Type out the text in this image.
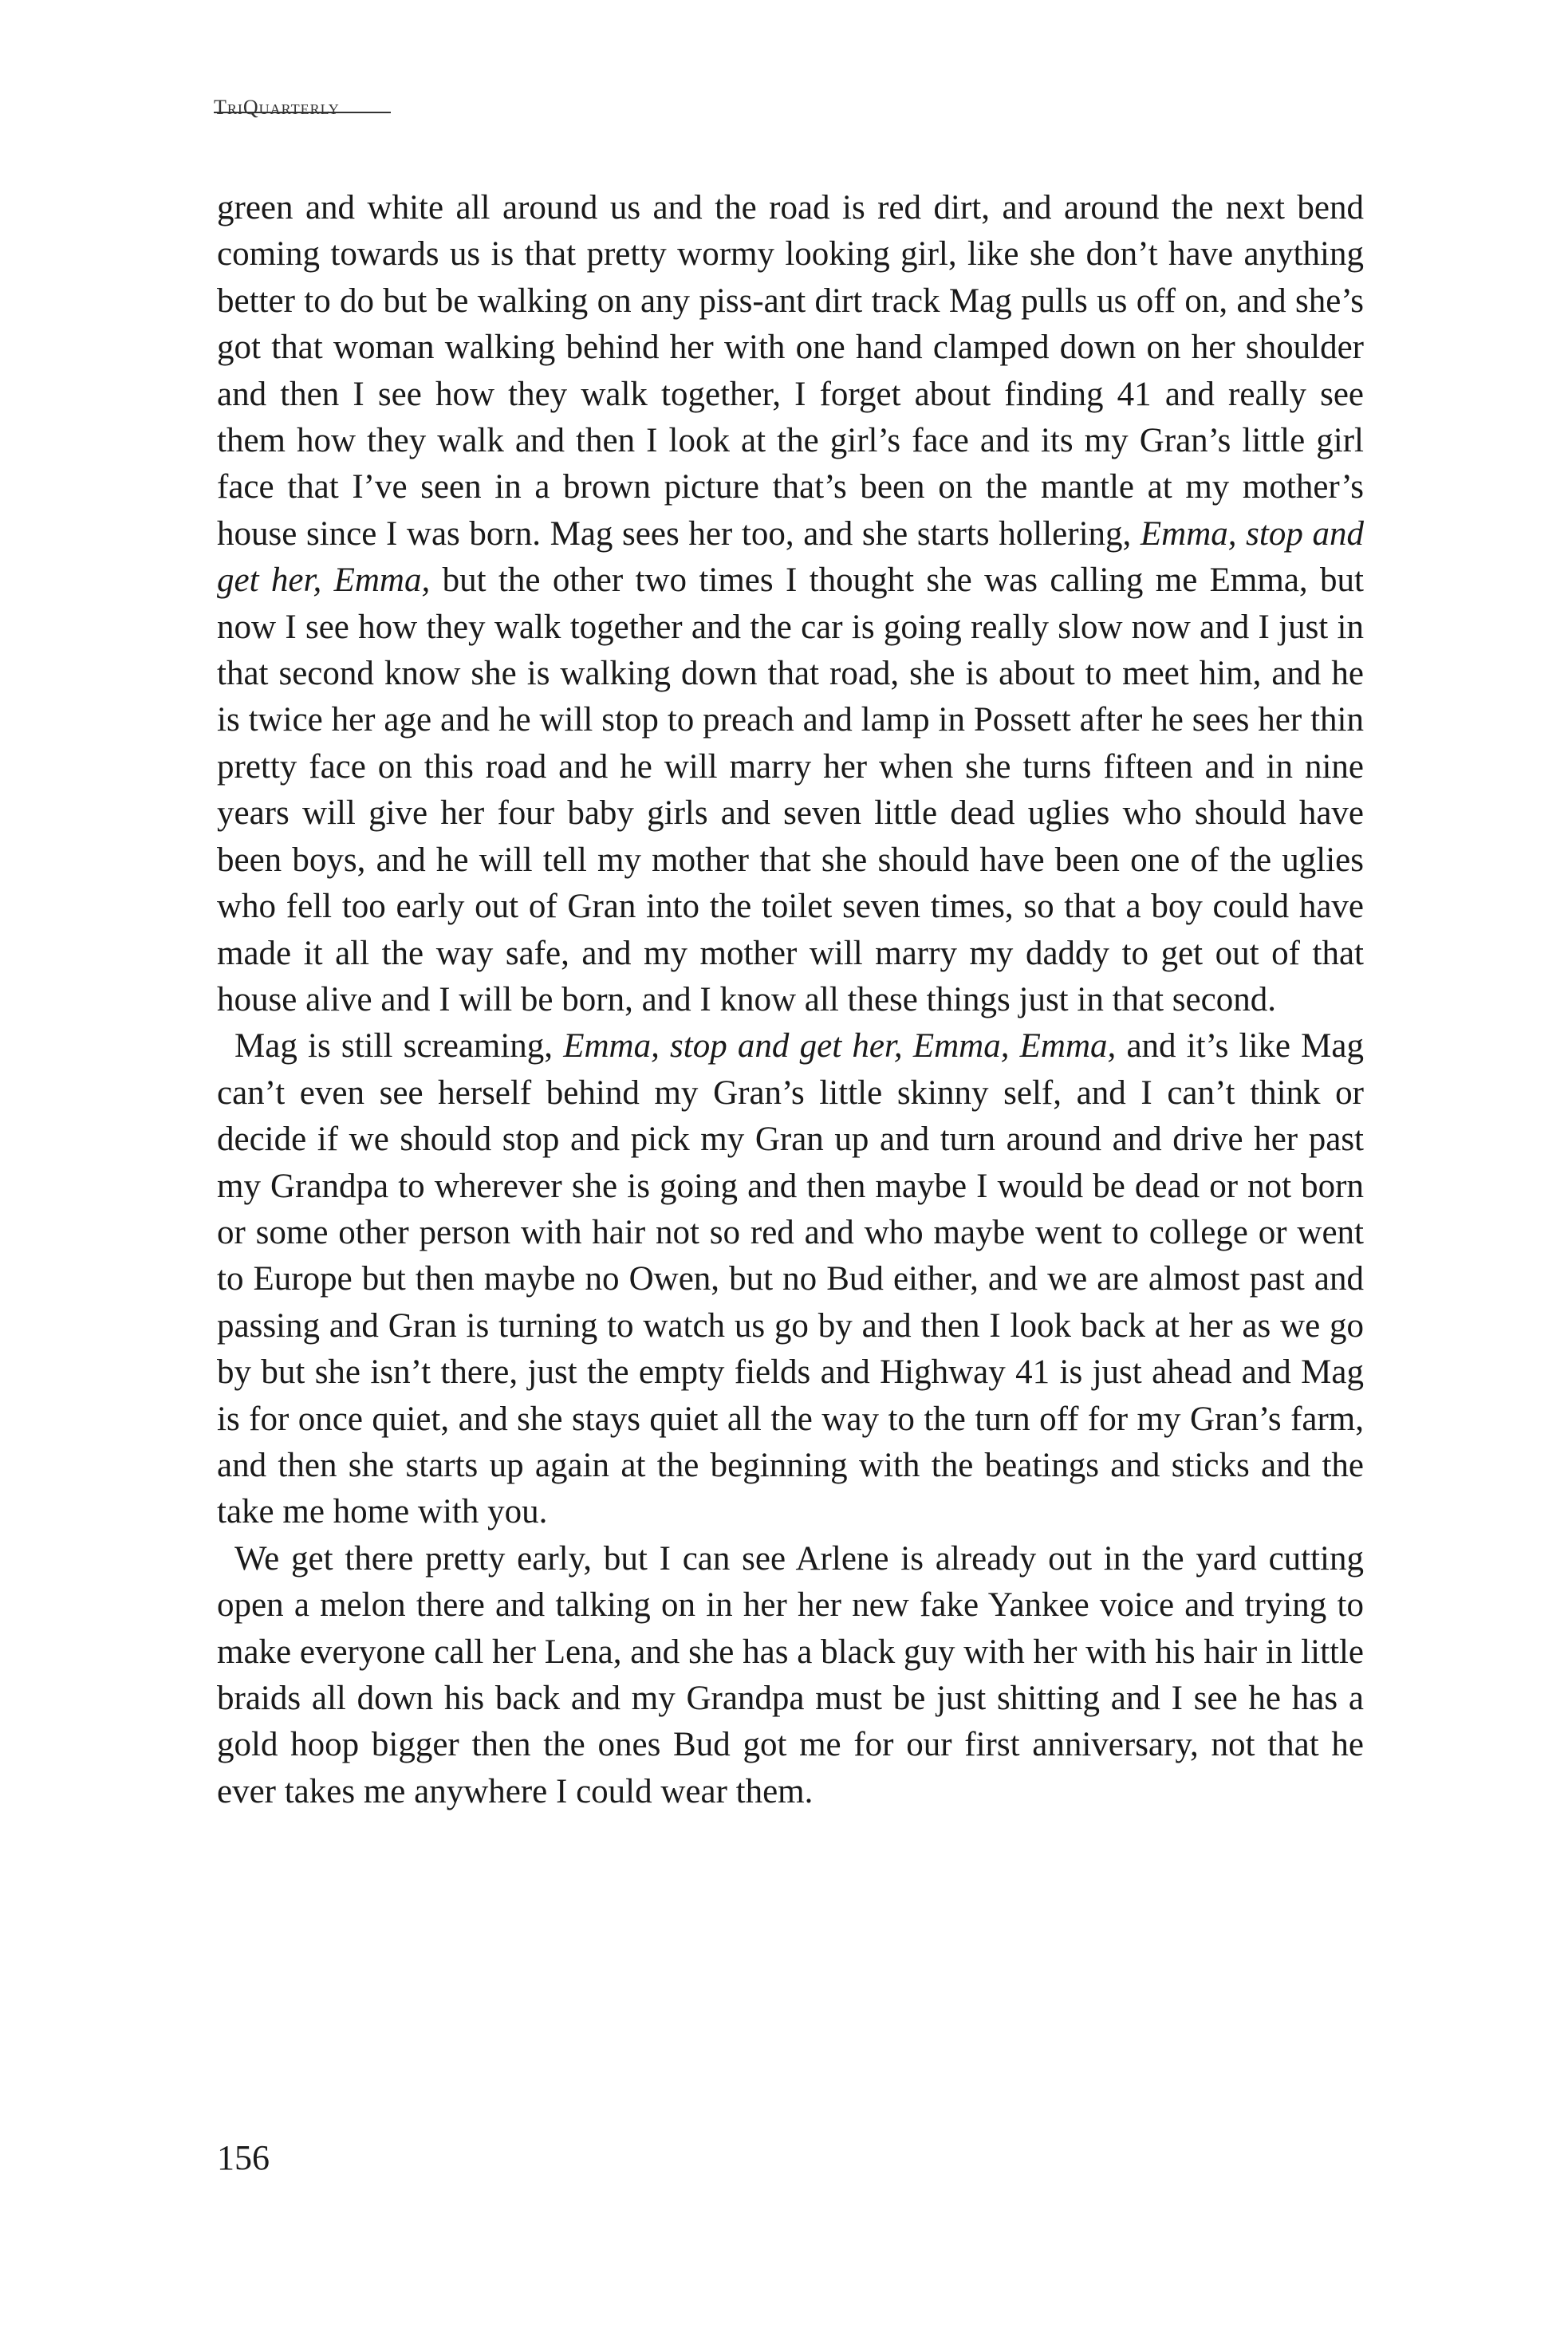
TriQuarterly

green and white all around us and the road is red dirt, and around the next bend coming towards us is that pretty wormy looking girl, like she don’t have anything better to do but be walking on any piss-ant dirt track Mag pulls us off on, and she’s got that woman walking behind her with one hand clamped down on her shoulder and then I see how they walk together, I forget about finding 41 and really see them how they walk and then I look at the girl’s face and its my Gran’s little girl face that I’ve seen in a brown picture that’s been on the mantle at my mother’s house since I was born. Mag sees her too, and she starts hollering, Emma, stop and get her, Emma, but the other two times I thought she was calling me Emma, but now I see how they walk together and the car is going really slow now and I just in that second know she is walking down that road, she is about to meet him, and he is twice her age and he will stop to preach and lamp in Possett after he sees her thin pretty face on this road and he will marry her when she turns fifteen and in nine years will give her four baby girls and seven little dead uglies who should have been boys, and he will tell my mother that she should have been one of the uglies who fell too early out of Gran into the toilet seven times, so that a boy could have made it all the way safe, and my mother will marry my daddy to get out of that house alive and I will be born, and I know all these things just in that second.

Mag is still screaming, Emma, stop and get her, Emma, Emma, and it’s like Mag can’t even see herself behind my Gran’s little skinny self, and I can’t think or decide if we should stop and pick my Gran up and turn around and drive her past my Grandpa to wherever she is going and then maybe I would be dead or not born or some other person with hair not so red and who maybe went to college or went to Europe but then maybe no Owen, but no Bud either, and we are almost past and passing and Gran is turning to watch us go by and then I look back at her as we go by but she isn’t there, just the empty fields and Highway 41 is just ahead and Mag is for once quiet, and she stays quiet all the way to the turn off for my Gran’s farm, and then she starts up again at the beginning with the beatings and sticks and the take me home with you.

We get there pretty early, but I can see Arlene is already out in the yard cutting open a melon there and talking on in her her new fake Yankee voice and trying to make everyone call her Lena, and she has a black guy with her with his hair in little braids all down his back and my Grandpa must be just shitting and I see he has a gold hoop bigger then the ones Bud got me for our first anniversary, not that he ever takes me anywhere I could wear them.

156
